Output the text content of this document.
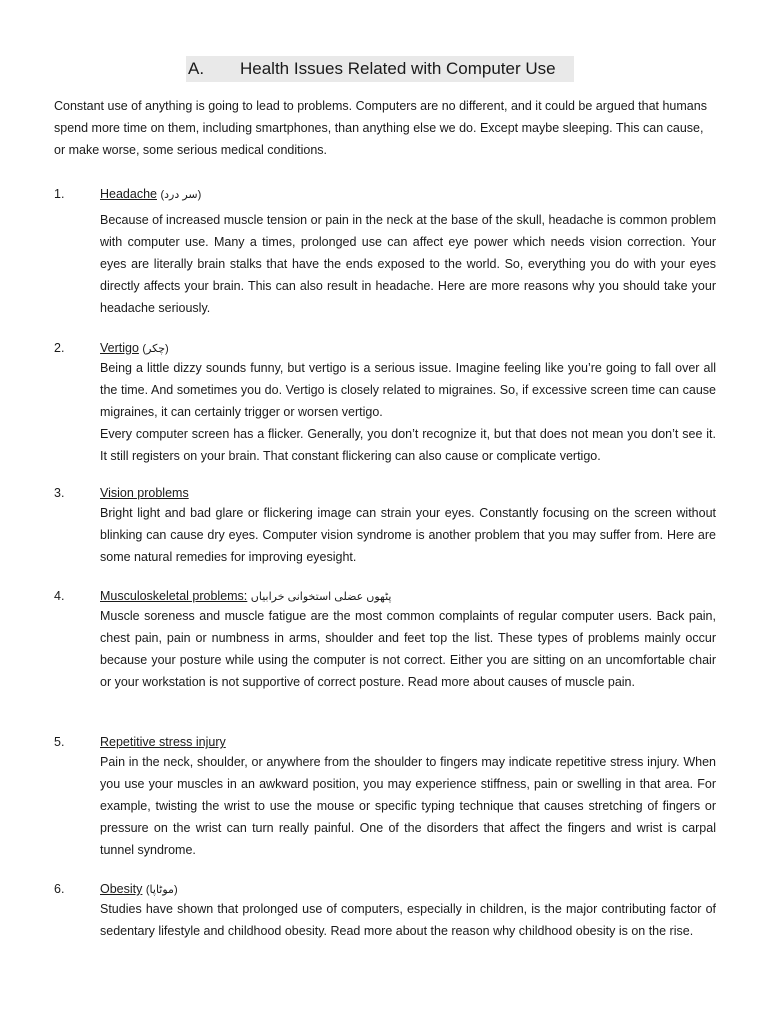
A. Health Issues Related with Computer Use
Constant use of anything is going to lead to problems. Computers are no different, and it could be argued that humans spend more time on them, including smartphones, than anything else we do. Except maybe sleeping. This can cause, or make worse, some serious medical conditions.
1.	Headache (سر درد)

Because of increased muscle tension or pain in the neck at the base of the skull, headache is common problem with computer use. Many a times, prolonged use can affect eye power which needs vision correction. Your eyes are literally brain stalks that have the ends exposed to the world. So, everything you do with your eyes directly affects your brain. This can also result in headache. Here are more reasons why you should take your headache seriously.

2.	Vertigo (چکر)

Being a little dizzy sounds funny, but vertigo is a serious issue. Imagine feeling like you’re going to fall over all the time. And sometimes you do. Vertigo is closely related to migraines. So, if excessive screen time can cause migraines, it can certainly trigger or worsen vertigo.

Every computer screen has a flicker. Generally, you don’t recognize it, but that does not mean you don’t see it. It still registers on your brain. That constant flickering can also cause or complicate vertigo.

3.	Vision problems

Bright light and bad glare or flickering image can strain your eyes. Constantly focusing on the screen without blinking can cause dry eyes. Computer vision syndrome is another problem that you may suffer from. Here are some natural remedies for improving eyesight.

4.	Musculoskeletal problems: پٹھوں عضلی استخوانی خرابیاں

Muscle soreness and muscle fatigue are the most common complaints of regular computer users. Back pain, chest pain, pain or numbness in arms, shoulder and feet top the list. These types of problems mainly occur because your posture while using the computer is not correct. Either you are sitting on an uncomfortable chair or your workstation is not supportive of correct posture. Read more about causes of muscle pain.

5.	Repetitive stress injury

Pain in the neck, shoulder, or anywhere from the shoulder to fingers may indicate repetitive stress injury. When you use your muscles in an awkward position, you may experience stiffness, pain or swelling in that area. For example, twisting the wrist to use the mouse or specific typing technique that causes stretching of fingers or pressure on the wrist can turn really painful. One of the disorders that affect the fingers and wrist is carpal tunnel syndrome.

6.	Obesity (موٹاپا)

Studies have shown that prolonged use of computers, especially in children, is the major contributing factor of sedentary lifestyle and childhood obesity. Read more about the reason why childhood obesity is on the rise.
